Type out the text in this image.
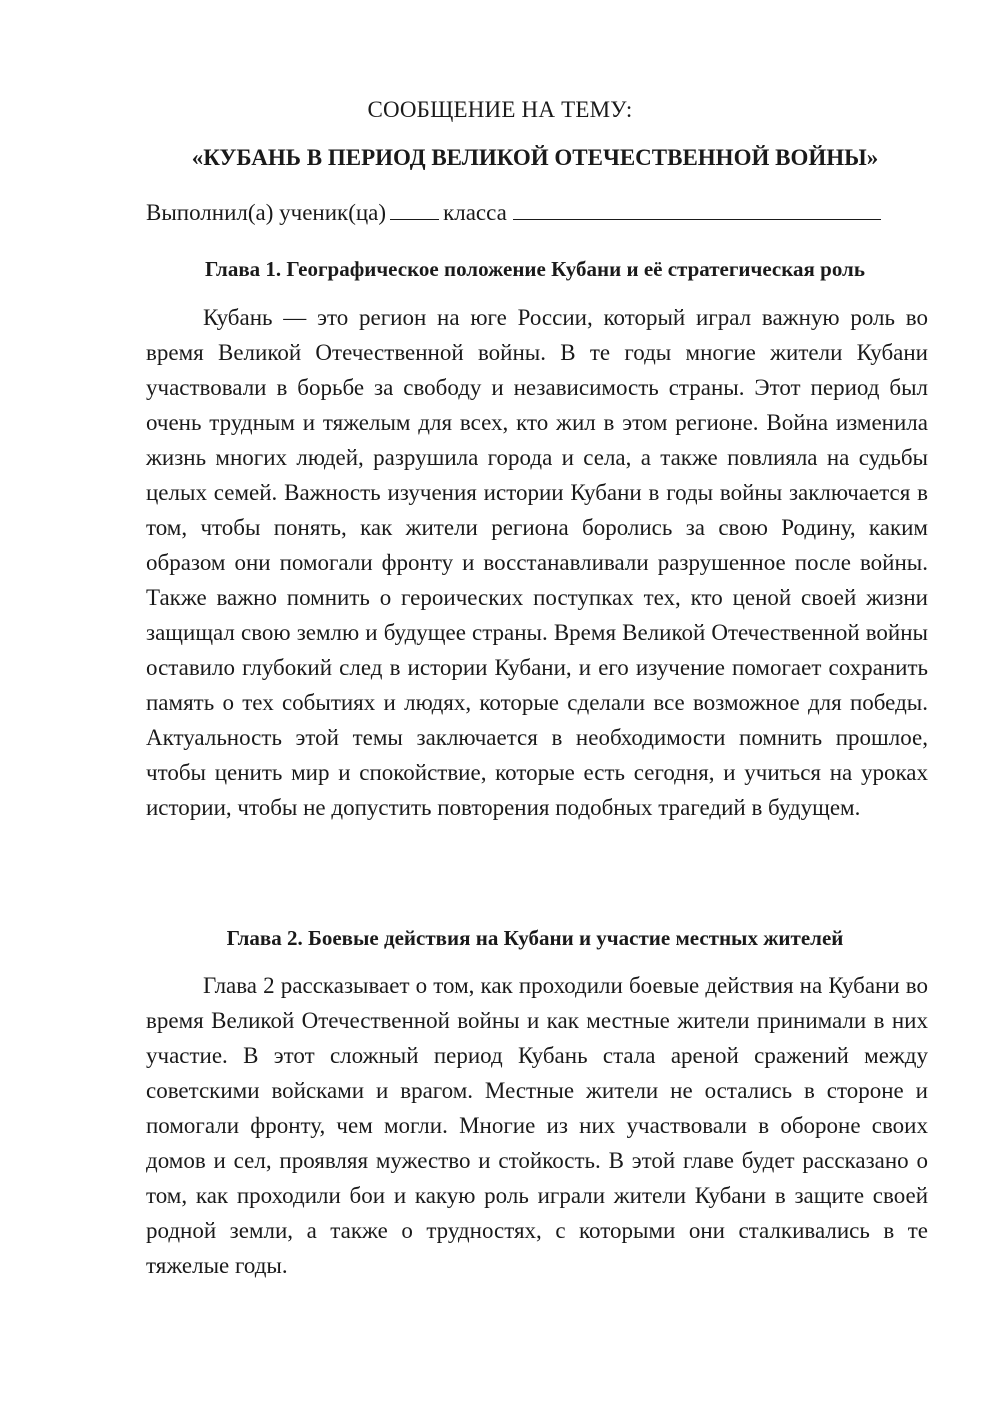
СООБЩЕНИЕ НА ТЕМУ:
«КУБАНЬ В ПЕРИОД ВЕЛИКОЙ ОТЕЧЕСТВЕННОЙ ВОЙНЫ»
Выполнил(а) ученик(ца) класса
Глава 1. Географическое положение Кубани и её стратегическая роль

Кубань — это регион на юге России, который играл важную роль во время Великой Отечественной войны. В те годы многие жители Кубани участвовали в борьбе за свободу и независимость страны. Этот период был очень трудным и тяжелым для всех, кто жил в этом регионе. Война изменила жизнь многих людей, разрушила города и села, а также повлияла на судьбы целых семей. Важность изучения истории Кубани в годы войны заключается в том, чтобы понять, как жители региона боролись за свою Родину, каким образом они помогали фронту и восстанавливали разрушенное после войны. Также важно помнить о героических поступках тех, кто ценой своей жизни защищал свою землю и будущее страны. Время Великой Отечественной войны оставило глубокий след в истории Кубани, и его изучение помогает сохранить память о тех событиях и людях, которые сделали все возможное для победы. Актуальность этой темы заключается в необходимости помнить прошлое, чтобы ценить мир и спокойствие, которые есть сегодня, и учиться на уроках истории, чтобы не допустить повторения подобных трагедий в будущем.

Глава 2. Боевые действия на Кубани и участие местных жителей

Глава 2 рассказывает о том, как проходили боевые действия на Кубани во время Великой Отечественной войны и как местные жители принимали в них участие. В этот сложный период Кубань стала ареной сражений между советскими войсками и врагом. Местные жители не остались в стороне и помогали фронту, чем могли. Многие из них участвовали в обороне своих домов и сел, проявляя мужество и стойкость. В этой главе будет рассказано о том, как проходили бои и какую роль играли жители Кубани в защите своей родной земли, а также о трудностях, с которыми они сталкивались в те тяжелые годы.
